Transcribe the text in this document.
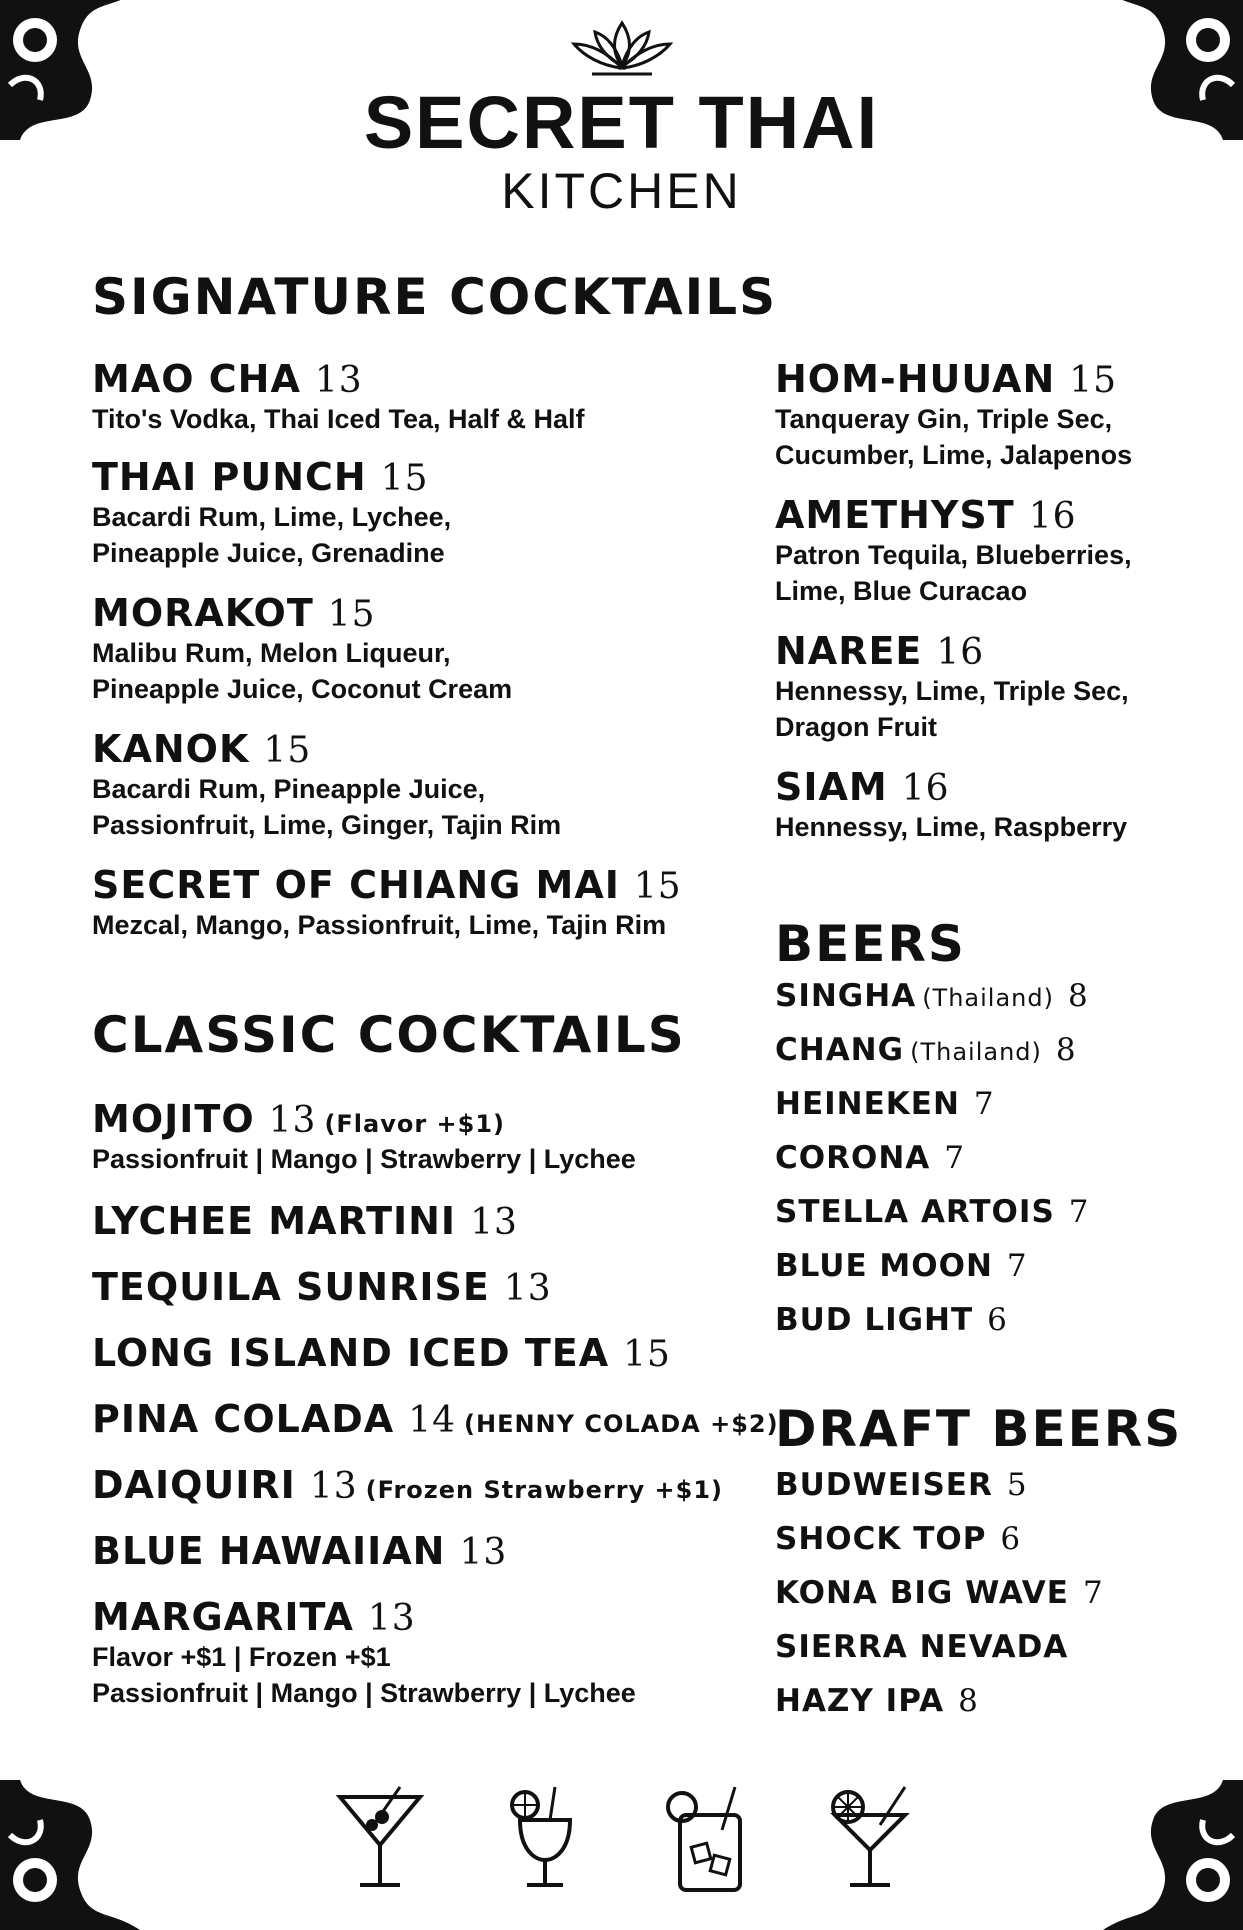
SECRET THAI
KITCHEN
SIGNATURE COCKTAILS
MAO CHA 13
Tito's Vodka, Thai Iced Tea, Half & Half
THAI PUNCH 15
Bacardi Rum, Lime, Lychee,
Pineapple Juice, Grenadine
MORAKOT 15
Malibu Rum, Melon Liqueur,
Pineapple Juice, Coconut Cream
KANOK 15
Bacardi Rum, Pineapple Juice,
Passionfruit, Lime, Ginger, Tajin Rim
SECRET OF CHIANG MAI 15
Mezcal, Mango, Passionfruit, Lime, Tajin Rim
HOM-HUUAN 15
Tanqueray Gin, Triple Sec,
Cucumber, Lime, Jalapenos
AMETHYST 16
Patron Tequila, Blueberries,
Lime, Blue Curacao
NAREE 16
Hennessy, Lime, Triple Sec,
Dragon Fruit
SIAM 16
Hennessy, Lime, Raspberry
CLASSIC COCKTAILS
MOJITO 13 (Flavor +$1)
Passionfruit | Mango | Strawberry | Lychee
LYCHEE MARTINI 13
TEQUILA SUNRISE 13
LONG ISLAND ICED TEA 15
PINA COLADA 14 (HENNY COLADA +$2)
DAIQUIRI 13 (Frozen Strawberry +$1)
BLUE HAWAIIAN 13
MARGARITA 13
Flavor +$1 | Frozen +$1
Passionfruit | Mango | Strawberry | Lychee
BEERS
SINGHA (Thailand) 8
CHANG (Thailand) 8
HEINEKEN 7
CORONA 7
STELLA ARTOIS 7
BLUE MOON 7
BUD LIGHT 6
DRAFT BEERS
BUDWEISER 5
SHOCK TOP 6
KONA BIG WAVE 7
SIERRA NEVADA
HAZY IPA 8
